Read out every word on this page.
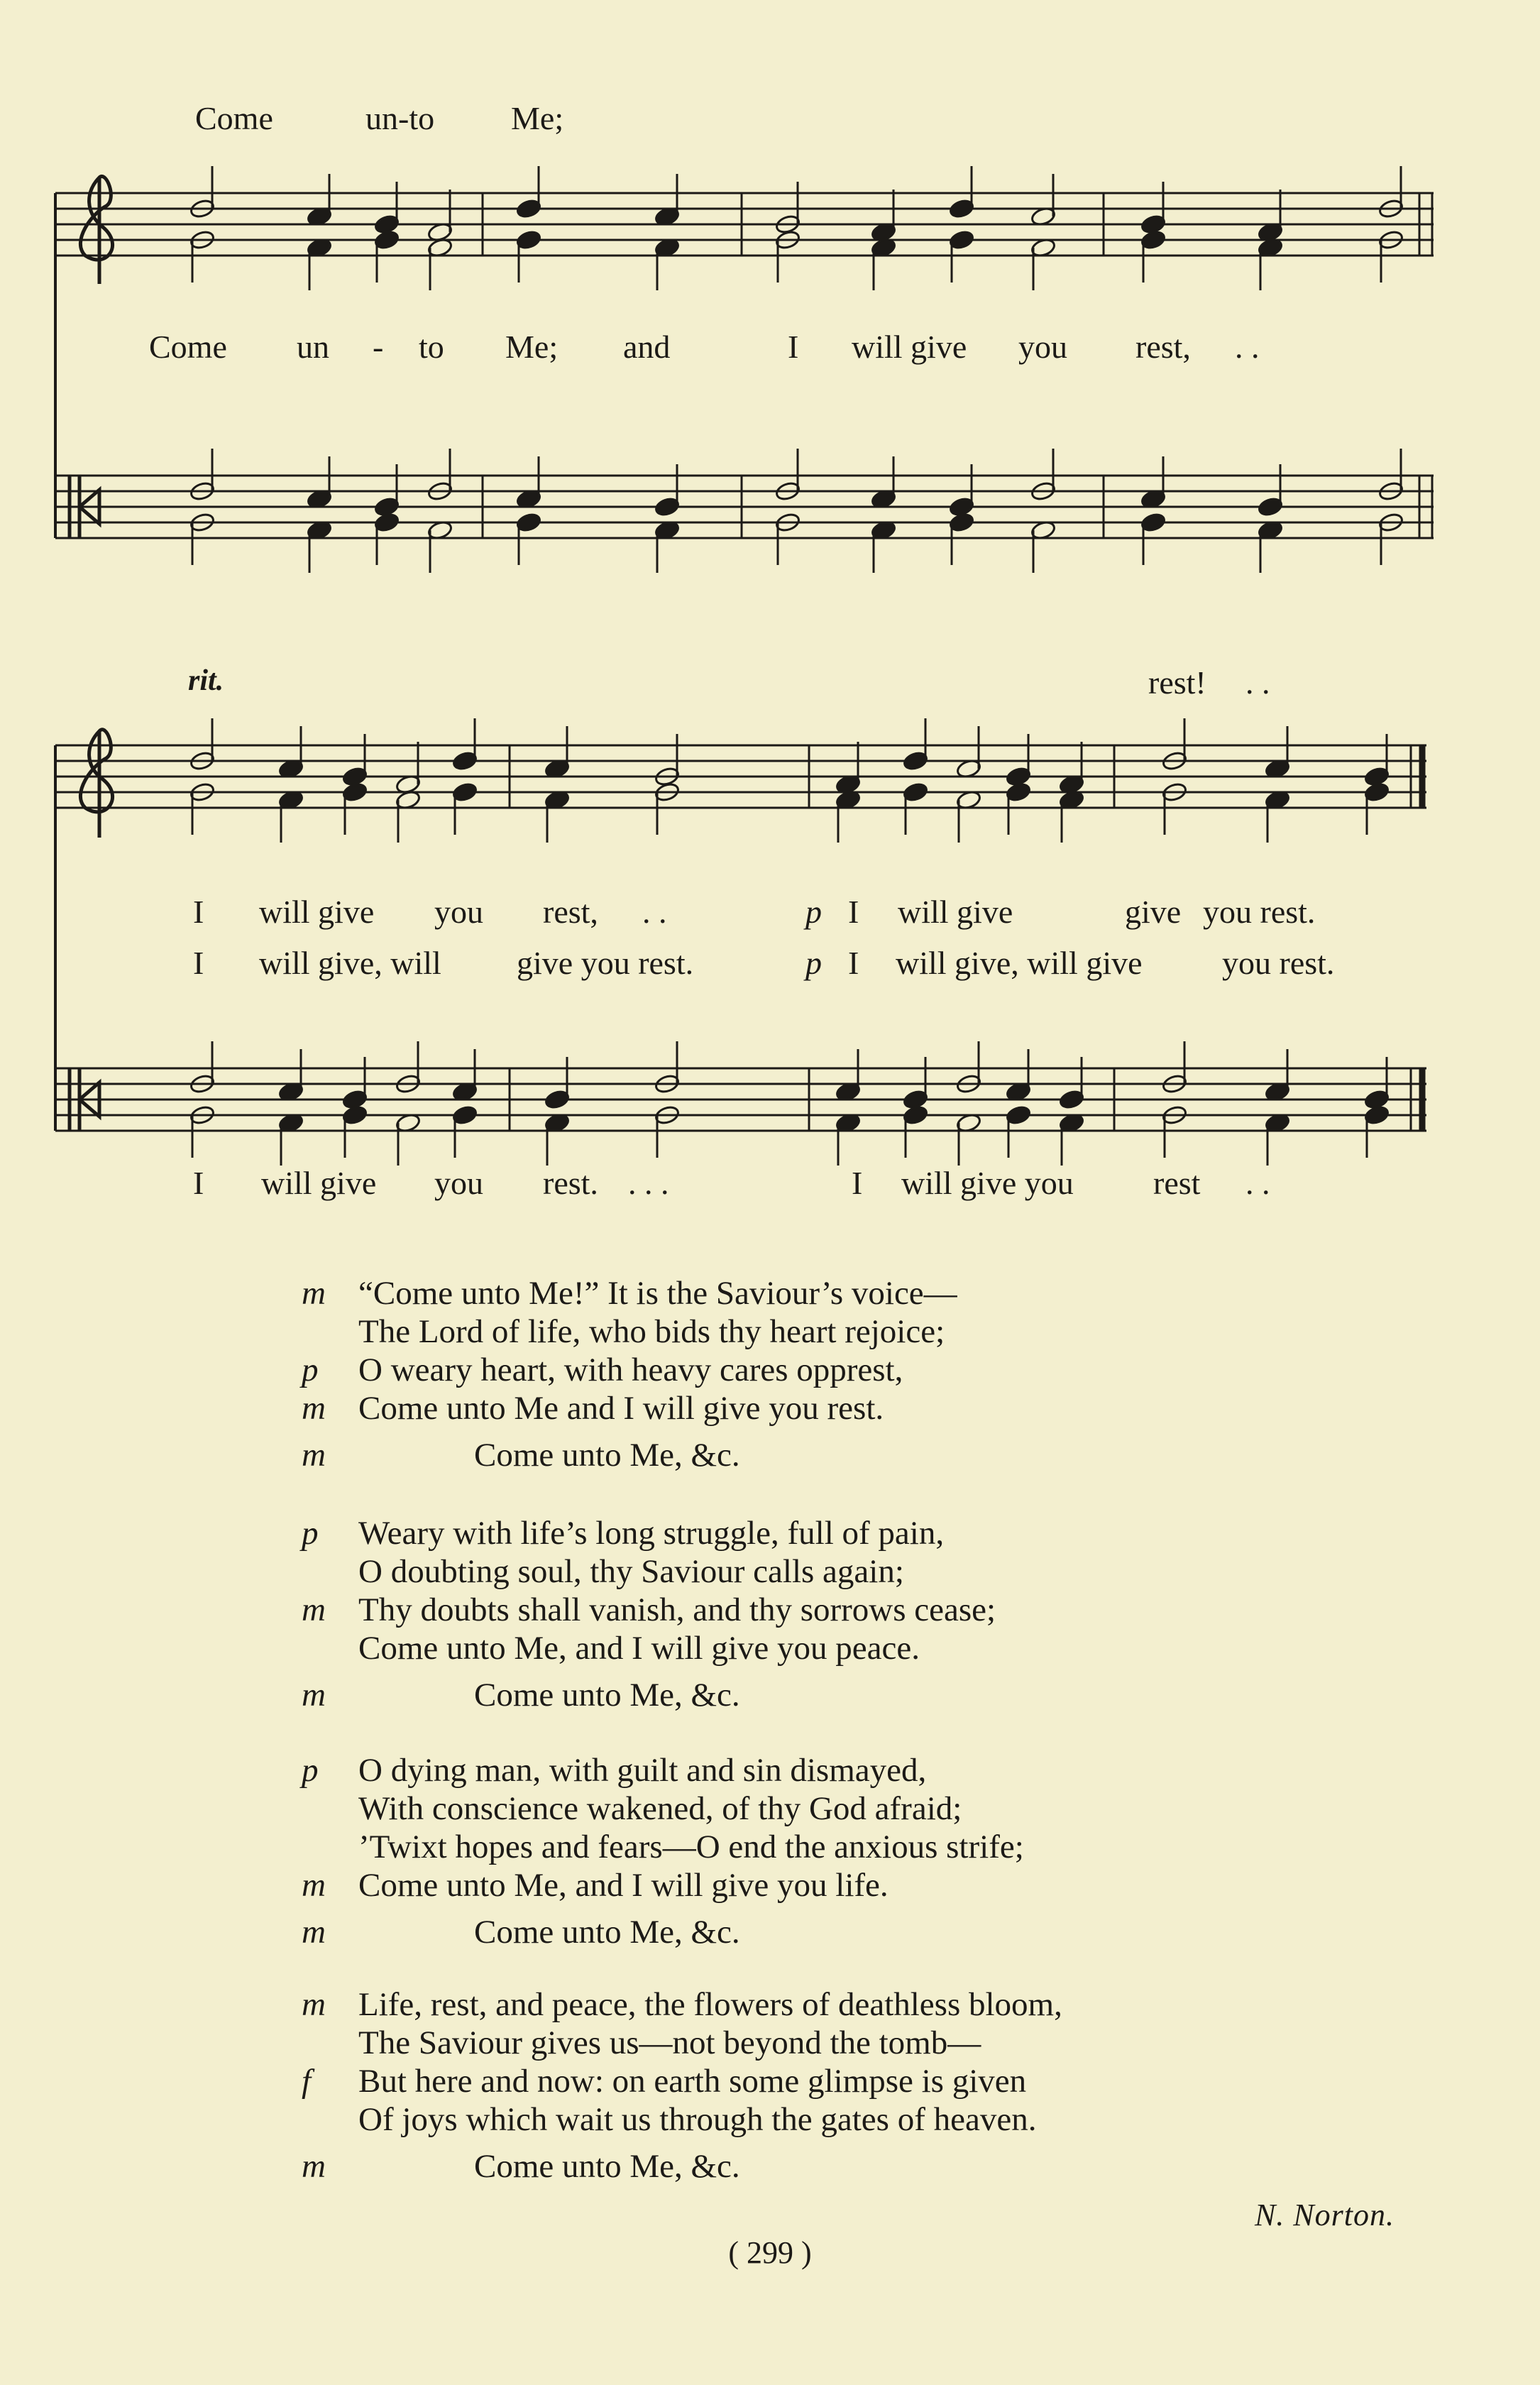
Come	un-to Me;
Come un - to Me; and	I will give you rest, . .
rit.	rest! . .
I will give you rest, . .	p I will give	give you rest.
I will give, will give you rest.	p I will give, will give you rest.
I will give you rest. . . .	I will give you rest . .
m “Come unto Me!” It is the Saviour’s voice—
The Lord of life, who bids thy heart rejoice;
p	O weary heart, with heavy cares opprest,
m Come unto Me and I will give you rest.
m	Come unto Me, &c.
p	Weary with life’s long struggle, full of pain,
O doubting soul, thy Saviour calls again;
m Thy doubts shall vanish, and thy sorrows cease;
Come unto Me, and I will give you peace.
m	Come unto Me, &c.
p	O dying man, with guilt and sin dismayed,
With conscience wakened, of thy God afraid;
’Twixt hopes and fears—O end the anxious strife;
m Come unto Me, and I will give you life.
m	Come unto Me, &c.
m Life, rest, and peace, the flowers of deathless bloom,
The Saviour gives us—not beyond the tomb—
f	But here and now: on earth some glimpse is given
Of joys which wait us through the gates of heaven.
m	Come unto Me, &c.
N. Norton.
( 299 )
